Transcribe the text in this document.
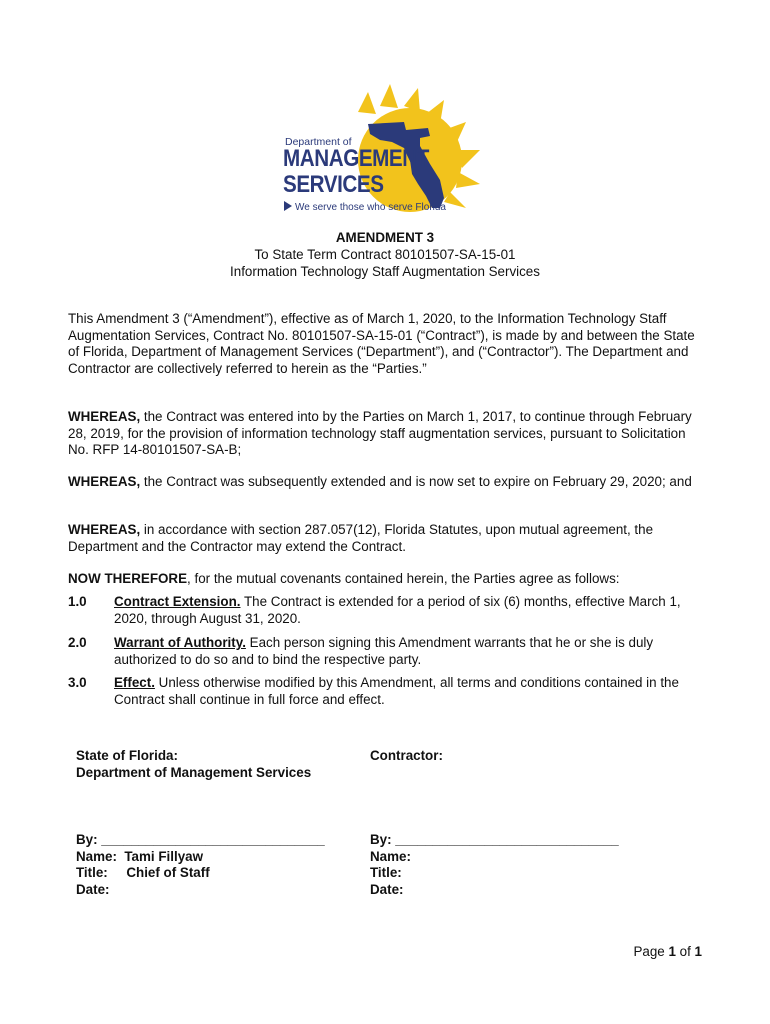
Department of
MANAGEMENT
SERVICES
We serve those who serve Florida
AMENDMENT 3
To State Term Contract 80101507-SA-15-01
Information Technology Staff Augmentation Services
This Amendment 3 (“Amendment”), effective as of March 1, 2020, to the Information Technology Staff Augmentation Services, Contract No. 80101507-SA-15-01 (“Contract”), is made by and between the State of Florida, Department of Management Services (“Department”), and (“Contractor”). The Department and Contractor are collectively referred to herein as the “Parties.”
WHEREAS, the Contract was entered into by the Parties on March 1, 2017, to continue through February 28, 2019, for the provision of information technology staff augmentation services, pursuant to Solicitation No. RFP 14-80101507-SA-B;
WHEREAS, the Contract was subsequently extended and is now set to expire on February 29, 2020; and
WHEREAS, in accordance with section 287.057(12), Florida Statutes, upon mutual agreement, the Department and the Contractor may extend the Contract.
NOW THEREFORE, for the mutual covenants contained herein, the Parties agree as follows:
1.0 Contract Extension. The Contract is extended for a period of six (6) months, effective March 1, 2020, through August 31, 2020.
2.0 Warrant of Authority. Each person signing this Amendment warrants that he or she is duly authorized to do so and to bind the respective party.
3.0 Effect. Unless otherwise modified by this Amendment, all terms and conditions contained in the Contract shall continue in full force and effect.
State of Florida:
Department of Management Services
Contractor:
By: ______________________________
Name:  Tami Fillyaw
Title:     Chief of Staff
Date:
By: ______________________________
Name:
Title:
Date:
Page 1 of 1
